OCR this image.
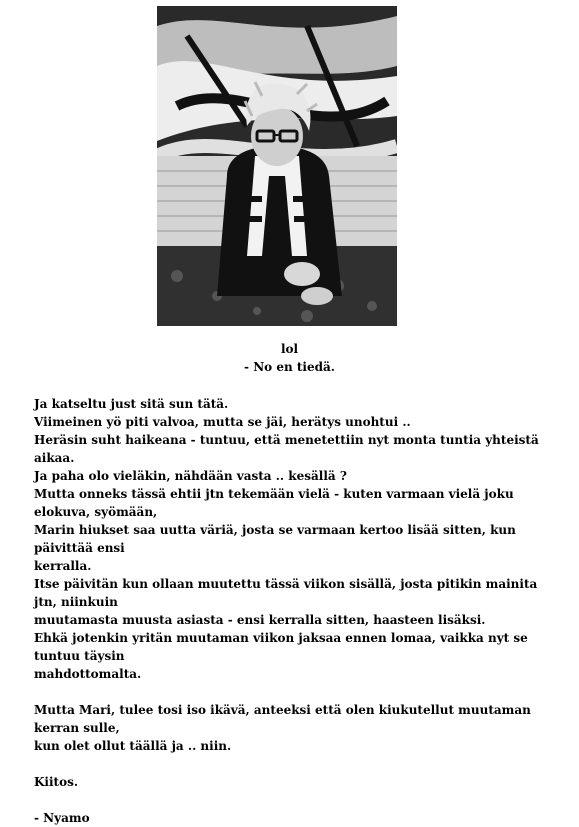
lol
- No en tiedä.

Ja katseltu just sitä sun tätä.

Viimeinen yö piti valvoa, mutta se jäi, herätys unohtui ..

Heräsin suht haikeana - tuntuu, että menetettiin nyt monta tuntia yhteistä aikaa.

Ja paha olo vieläkin, nähdään vasta .. kesällä ?

Mutta onneks tässä ehtii jtn tekemään vielä - kuten varmaan vielä joku elokuva, syömään,

Marin hiukset saa uutta väriä, josta se varmaan kertoo lisää sitten, kun päivittää ensi

kerralla.

Itse päivitän kun ollaan muutettu tässä viikon sisällä, josta pitikin mainita jtn, niinkuin

muutamasta muusta asiasta - ensi kerralla sitten, haasteen lisäksi.

Ehkä jotenkin yritän muutaman viikon jaksaa ennen lomaa, vaikka nyt se tuntuu täysin

mahdottomalta.

Mutta Mari, tulee tosi iso ikävä, anteeksi että olen kiukutellut muutaman kerran sulle,

kun olet ollut täällä ja .. niin.

Kiitos.

- Nyamo
